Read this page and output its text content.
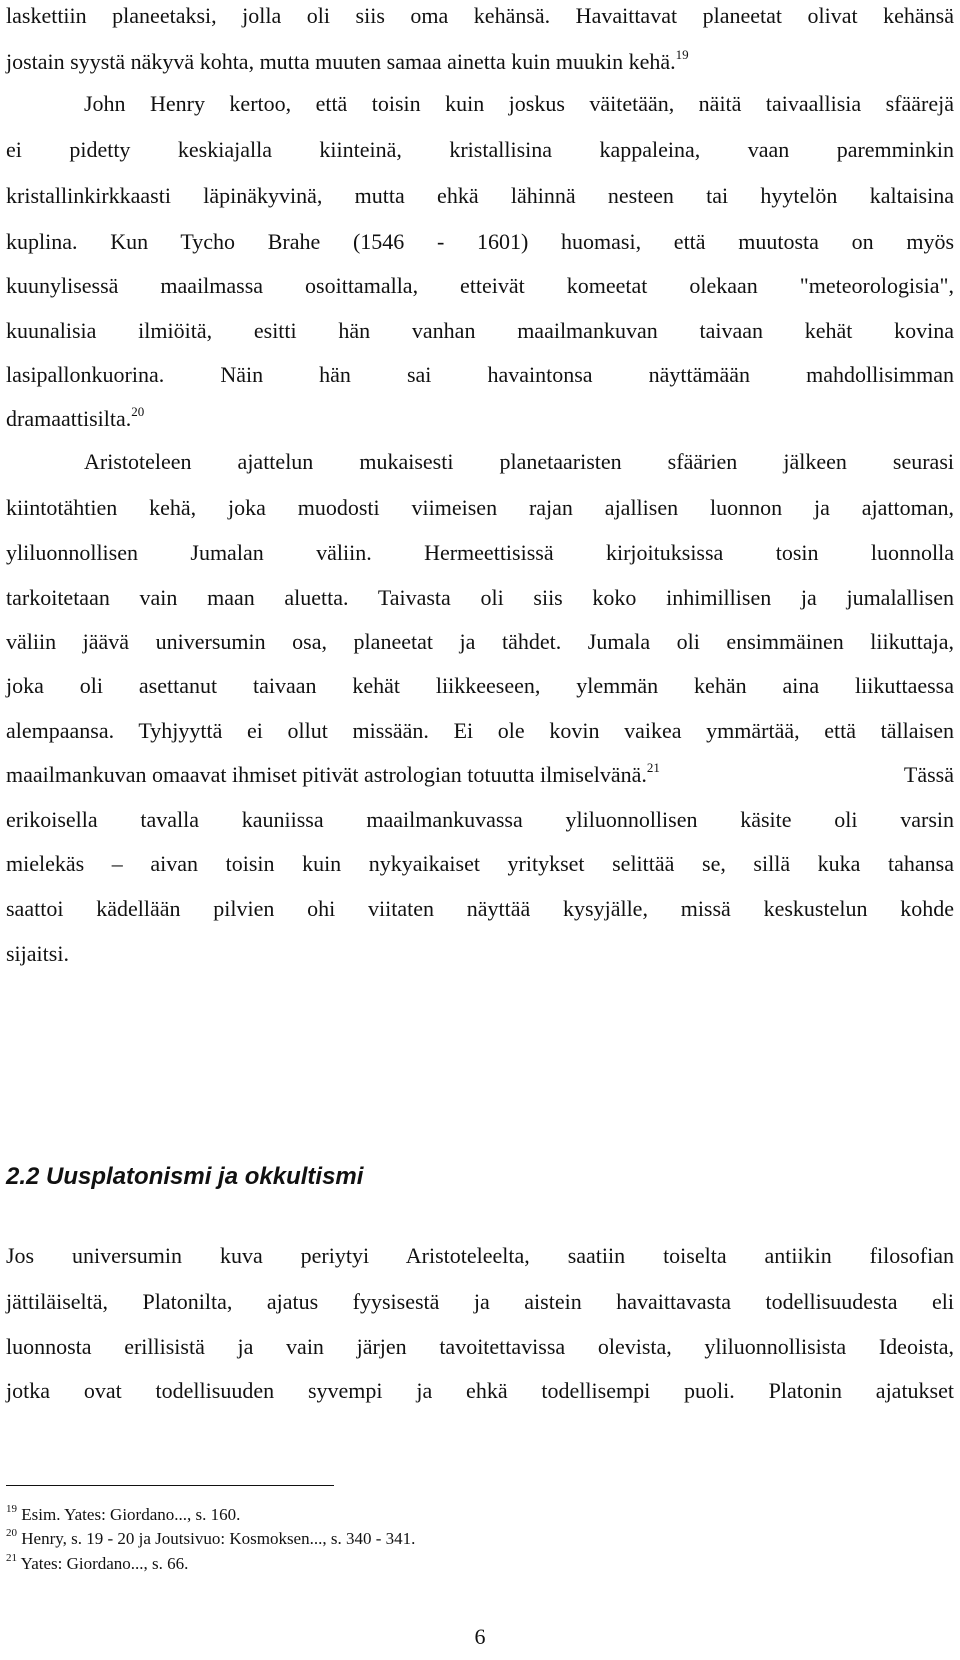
laskettiin planeetaksi, jolla oli siis oma kehänsä. Havaittavat planeetat olivat kehänsä
jostain syystä näkyvä kohta, mutta muuten samaa ainetta kuin muukin kehä.$^{19}$
John Henry kertoo, että toisin kuin joskus väitetään, näitä taivaallisia sfäärejä
ei pidetty keskiajalla kiinteinä, kristallisina kappaleina, vaan paremminkin
kristallinkirkkaasti läpinäkyvinä, mutta ehkä lähinnä nesteen tai hyytelön kaltaisina
kuplina. Kun Tycho Brahe (1546 - 1601) huomasi, että muutosta on myös
kuunylisessä maailmassa osoittamalla, etteivät komeetat olekaan "meteorologisia",
kuunalisia ilmiöitä, esitti hän vanhan maailmankuvan taivaan kehät kovina
lasipallonkuorina. Näin hän sai havaintonsa näyttämään mahdollisimman
dramaattisilta.$^{20}$
Aristoteleen ajattelun mukaisesti planetaaristen sfäärien jälkeen seurasi
kiintotähtien kehä, joka muodosti viimeisen rajan ajallisen luonnon ja ajattoman,
yliluonnollisen Jumalan väliin. Hermeettisissä kirjoituksissa tosin luonnolla
tarkoitetaan vain maan aluetta. Taivasta oli siis koko inhimillisen ja jumalallisen
väliin jäävä universumin osa, planeetat ja tähdet. Jumala oli ensimmäinen liikuttaja,
joka oli asettanut taivaan kehät liikkeeseen, ylemmän kehän aina liikuttaessa
alempaansa. Tyhjyyttä ei ollut missään. Ei ole kovin vaikea ymmärtää, että tällaisen
maailmankuvan omaavat ihmiset pitivät astrologian totuutta ilmiselvänä.$^{21}$	Tässä
erikoisella tavalla kauniissa maailmankuvassa yliluonnollisen käsite oli varsin
mielekäs – aivan toisin kuin nykyaikaiset yritykset selittää se, sillä kuka tahansa
saattoi kädellään pilvien ohi viitaten näyttää kysyjälle, missä keskustelun kohde
sijaitsi.
2.2 Uusplatonismi ja okkultismi
Jos universumin kuva periytyi Aristoteleelta, saatiin toiselta antiikin filosofian
jättiläiseltä, Platonilta, ajatus fyysisestä ja aistein havaittavasta todellisuudesta eli
luonnosta erillisistä ja vain järjen tavoitettavissa olevista, yliluonnollisista Ideoista,
jotka ovat todellisuuden syvempi ja ehkä todellisempi puoli. Platonin ajatukset
$^{19}$ Esim. Yates: Giordano..., s. 160.
$^{20}$ Henry, s. 19 - 20 ja Joutsivuo: Kosmoksen..., s. 340 - 341.
$^{21}$ Yates: Giordano..., s. 66.
6
